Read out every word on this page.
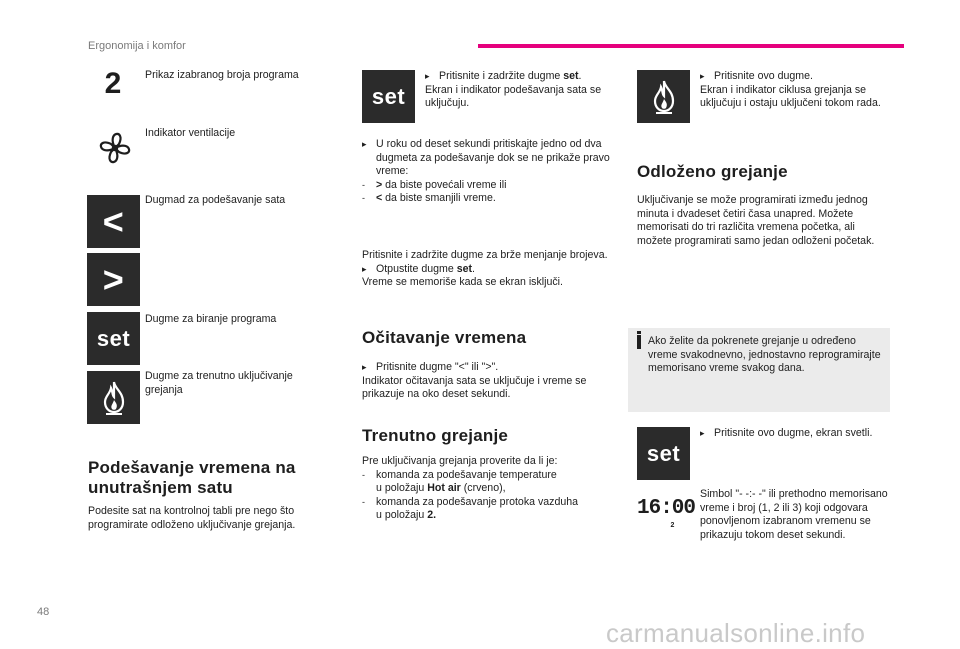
Ergonomija i komfor
2 Prikaz izabranog broja programa
Indikator ventilacije
<
Dugmad za podešavanje sata
>
set
Dugme za biranje programa
Dugme za trenutno uključivanje grejanja
Podešavanje vremena na
unutrašnjem satu
Podesite sat na kontrolnoj tabli pre nego što programirate odloženo uključivanje grejanja.
set
▸ Pritisnite i zadržite dugme set.
Ekran i indikator podešavanja sata se uključuju.
▸ U roku od deset sekundi pritiskajte jedno od dva dugmeta za podešavanje dok se ne prikaže pravo vreme:
- > da biste povećali vreme ili
- < da biste smanjili vreme.
Pritisnite i zadržite dugme za brže menjanje brojeva.
▸ Otpustite dugme set.
Vreme se memoriše kada se ekran isključi.
Očitavanje vremena
▸ Pritisnite dugme "<" ili ">".
Indikator očitavanja sata se uključuje i vreme se prikazuje na oko deset sekundi.
Trenutno grejanje
Pre uključivanja grejanja proverite da li je:
- komanda za podešavanje temperature
u položaju Hot air (crveno),
- komanda za podešavanje protoka vazduha
u položaju 2.
▸ Pritisnite ovo dugme.
Ekran i indikator ciklusa grejanja se uključuju i ostaju uključeni tokom rada.
Odloženo grejanje
Uključivanje se može programirati između jednog minuta i dvadeset četiri časa unapred. Možete memorisati do tri različita vremena početka, ali možete programirati samo jedan odloženi početak.
Ako želite da pokrenete grejanje u određeno vreme svakodnevno, jednostavno reprogramirajte memorisano vreme svakog dana.
set
▸ Pritisnite ovo dugme, ekran svetli.
16:00
2
Simbol "- -:- -" ili prethodno memorisano vreme i broj (1, 2 ili 3) koji odgovara ponovljenom izabranom vremenu se prikazuju tokom deset sekundi.
48
carmanualsonline.info
